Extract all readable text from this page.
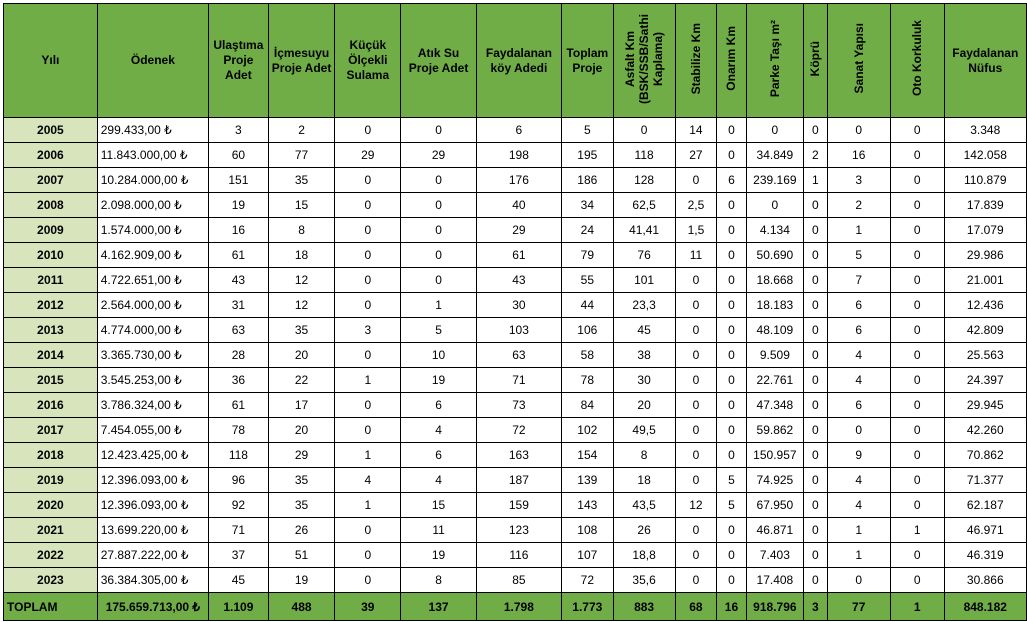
Yılı	Ödenek	Ulaştıma Proje Adet	İçmesuyu Proje Adet	Küçük Ölçekli Sulama	Atık Su Proje Adet	Faydalanan köy Adedi	Toplam Proje	Asfalt Km (BSK/SSB/Sathi Kaplama)	Stabilize Km	Onarım Km	Parke Taşı m²	Köprü	Sanat Yapısı	Oto Korkuluk	Faydalanan Nüfus
2005	299.433,00 ₺	3	2	0	0	6	5	0	14	0	0	0	0	0	3.348
2006	11.843.000,00 ₺	60	77	29	29	198	195	118	27	0	34.849	2	16	0	142.058
2007	10.284.000,00 ₺	151	35	0	0	176	186	128	0	6	239.169	1	3	0	110.879
2008	2.098.000,00 ₺	19	15	0	0	40	34	62,5	2,5	0	0	0	2	0	17.839
2009	1.574.000,00 ₺	16	8	0	0	29	24	41,41	1,5	0	4.134	0	1	0	17.079
2010	4.162.909,00 ₺	61	18	0	0	61	79	76	11	0	50.690	0	5	0	29.986
2011	4.722.651,00 ₺	43	12	0	0	43	55	101	0	0	18.668	0	7	0	21.001
2012	2.564.000,00 ₺	31	12	0	1	30	44	23,3	0	0	18.183	0	6	0	12.436
2013	4.774.000,00 ₺	63	35	3	5	103	106	45	0	0	48.109	0	6	0	42.809
2014	3.365.730,00 ₺	28	20	0	10	63	58	38	0	0	9.509	0	4	0	25.563
2015	3.545.253,00 ₺	36	22	1	19	71	78	30	0	0	22.761	0	4	0	24.397
2016	3.786.324,00 ₺	61	17	0	6	73	84	20	0	0	47.348	0	6	0	29.945
2017	7.454.055,00 ₺	78	20	0	4	72	102	49,5	0	0	59.862	0	0	0	42.260
2018	12.423.425,00 ₺	118	29	1	6	163	154	8	0	0	150.957	0	9	0	70.862
2019	12.396.093,00 ₺	96	35	4	4	187	139	18	0	5	74.925	0	4	0	71.377
2020	12.396.093,00 ₺	92	35	1	15	159	143	43,5	12	5	67.950	0	4	0	62.187
2021	13.699.220,00 ₺	71	26	0	11	123	108	26	0	0	46.871	0	1	1	46.971
2022	27.887.222,00 ₺	37	51	0	19	116	107	18,8	0	0	7.403	0	1	0	46.319
2023	36.384.305,00 ₺	45	19	0	8	85	72	35,6	0	0	17.408	0	0	0	30.866
TOPLAM	175.659.713,00 ₺	1.109	488	39	137	1.798	1.773	883	68	16	918.796	3	77	1	848.182
